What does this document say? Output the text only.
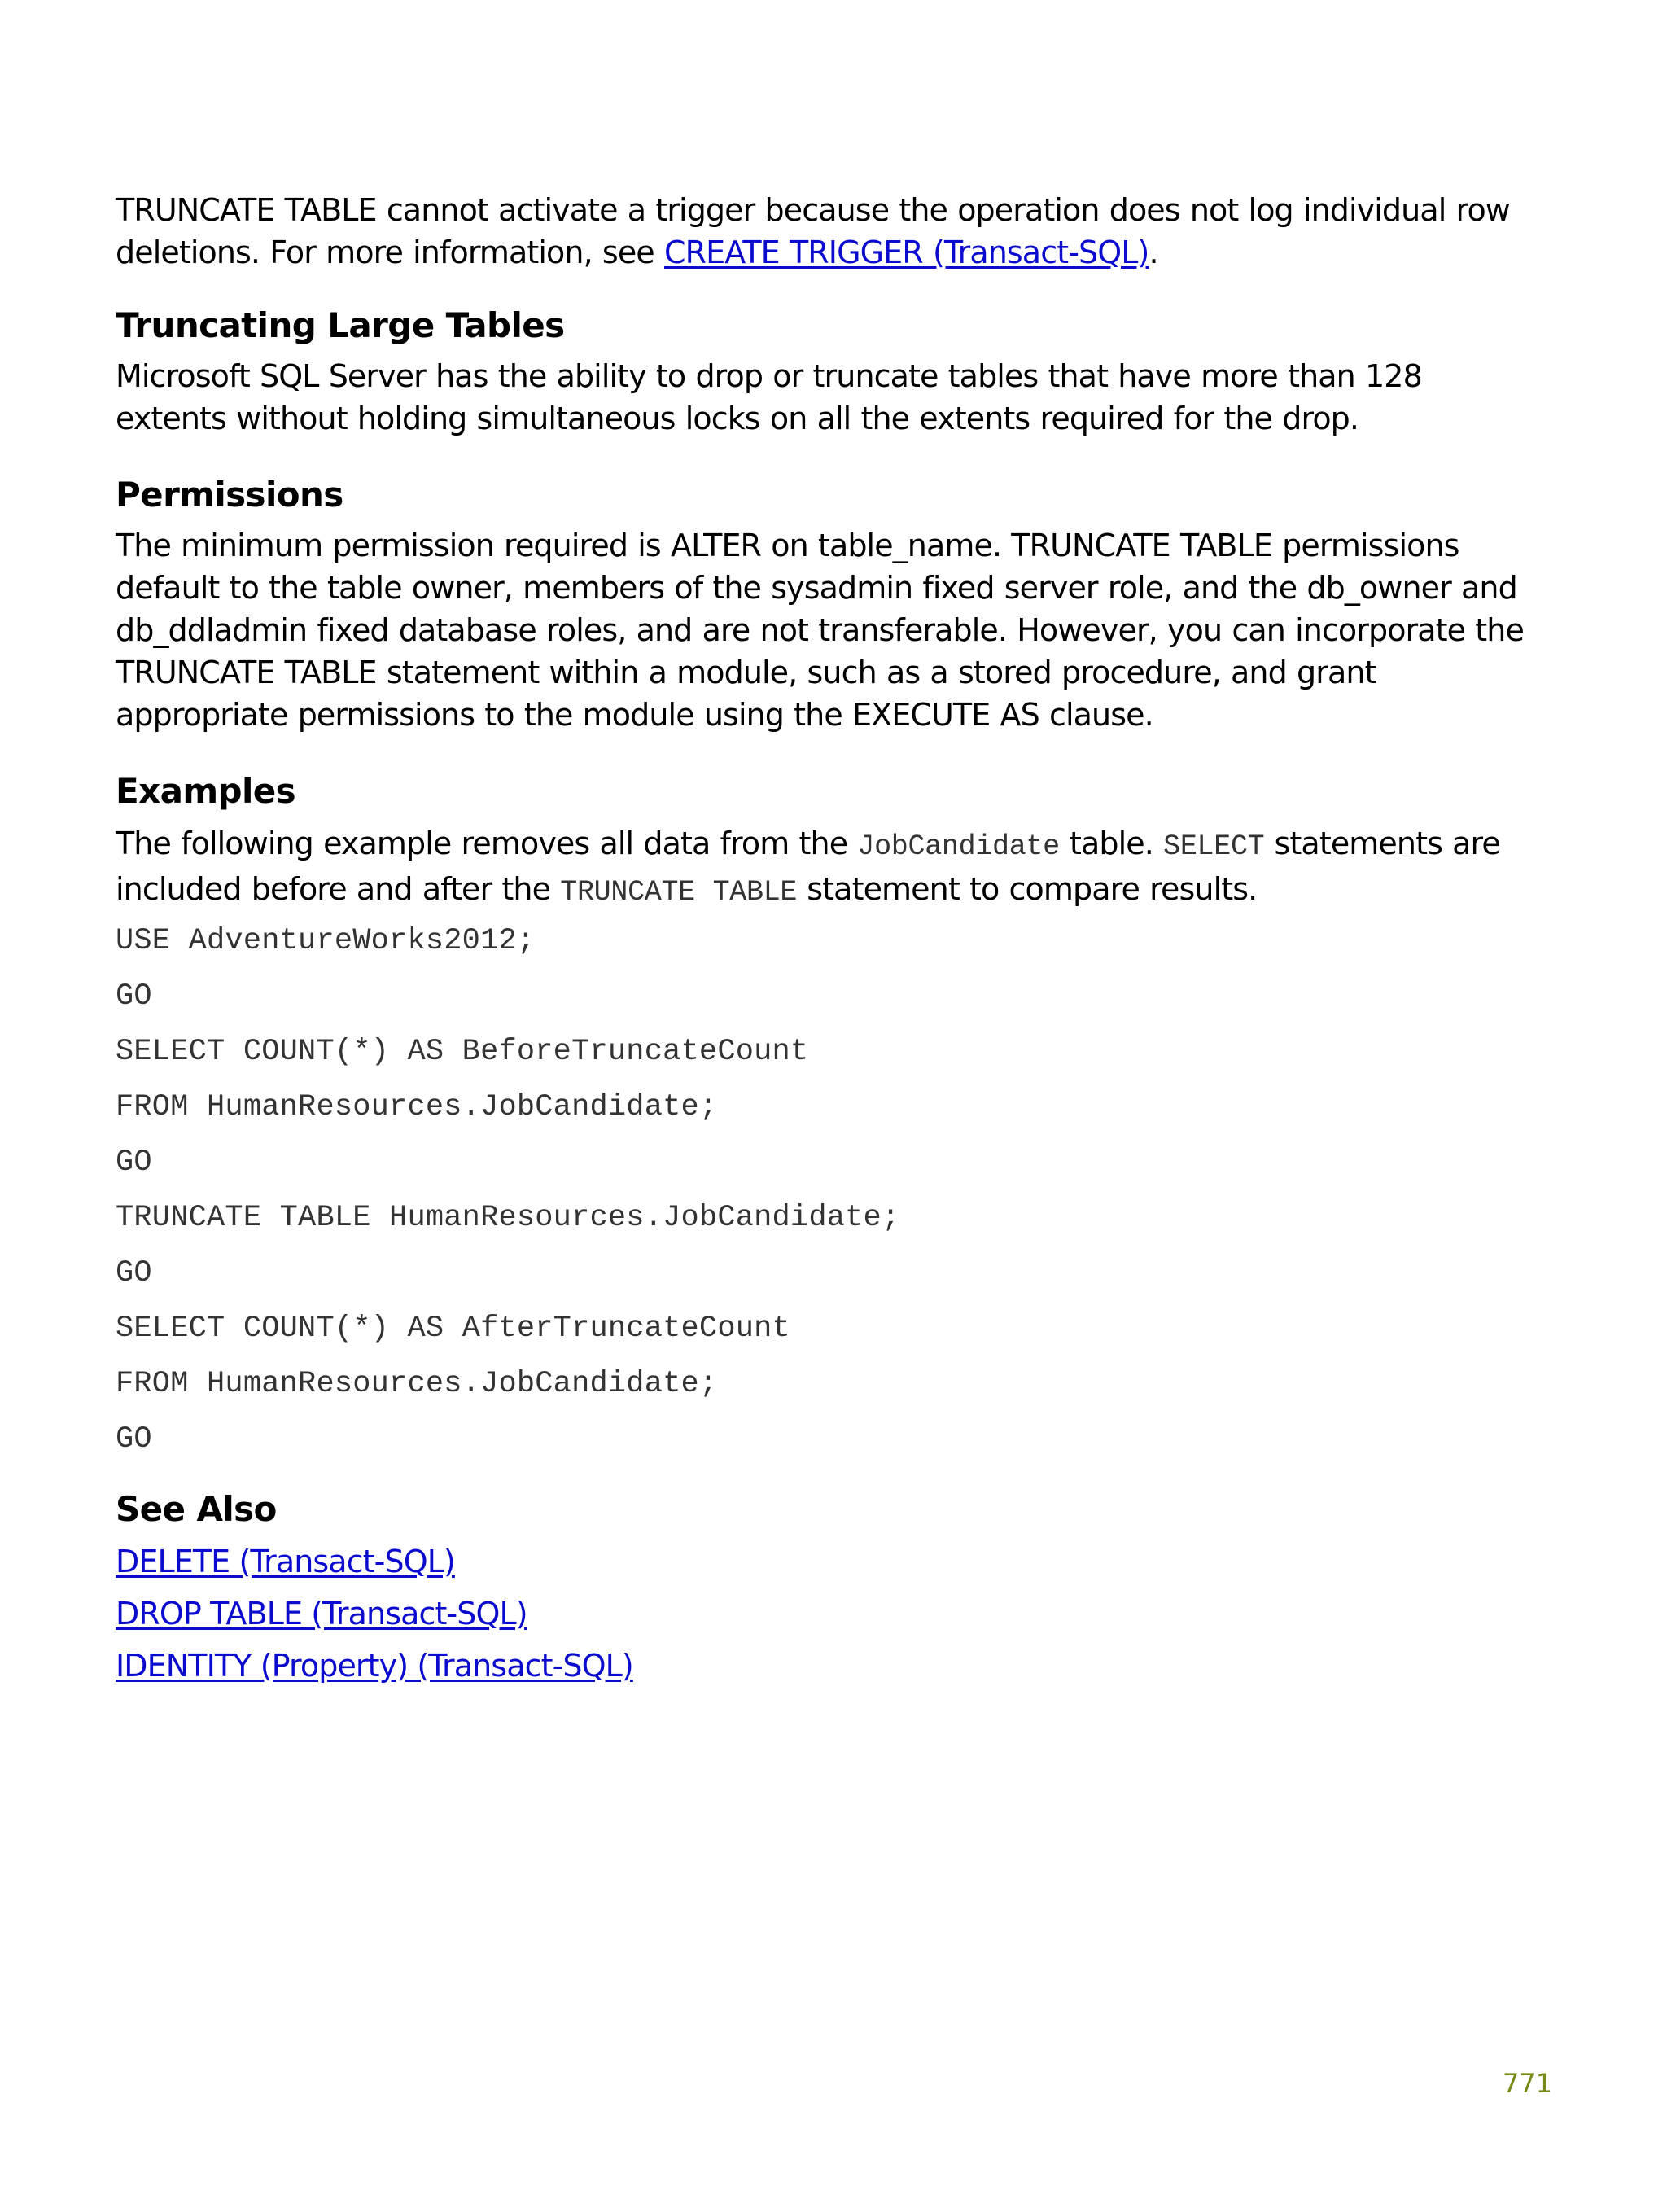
TRUNCATE TABLE cannot activate a trigger because the operation does not log individual row deletions. For more information, see CREATE TRIGGER (Transact-SQL).

Truncating Large Tables

Microsoft SQL Server has the ability to drop or truncate tables that have more than 128 extents without holding simultaneous locks on all the extents required for the drop.

Permissions

The minimum permission required is ALTER on table_name. TRUNCATE TABLE permissions default to the table owner, members of the sysadmin fixed server role, and the db_owner and db_ddladmin fixed database roles, and are not transferable. However, you can incorporate the TRUNCATE TABLE statement within a module, such as a stored procedure, and grant appropriate permissions to the module using the EXECUTE AS clause.

Examples

The following example removes all data from the JobCandidate table. SELECT statements are included before and after the TRUNCATE TABLE statement to compare results.

USE AdventureWorks2012;
GO
SELECT COUNT(*) AS BeforeTruncateCount
FROM HumanResources.JobCandidate;
GO
TRUNCATE TABLE HumanResources.JobCandidate;
GO
SELECT COUNT(*) AS AfterTruncateCount
FROM HumanResources.JobCandidate;
GO
See Also
DELETE (Transact-SQL)
DROP TABLE (Transact-SQL)
IDENTITY (Property) (Transact-SQL)
771
